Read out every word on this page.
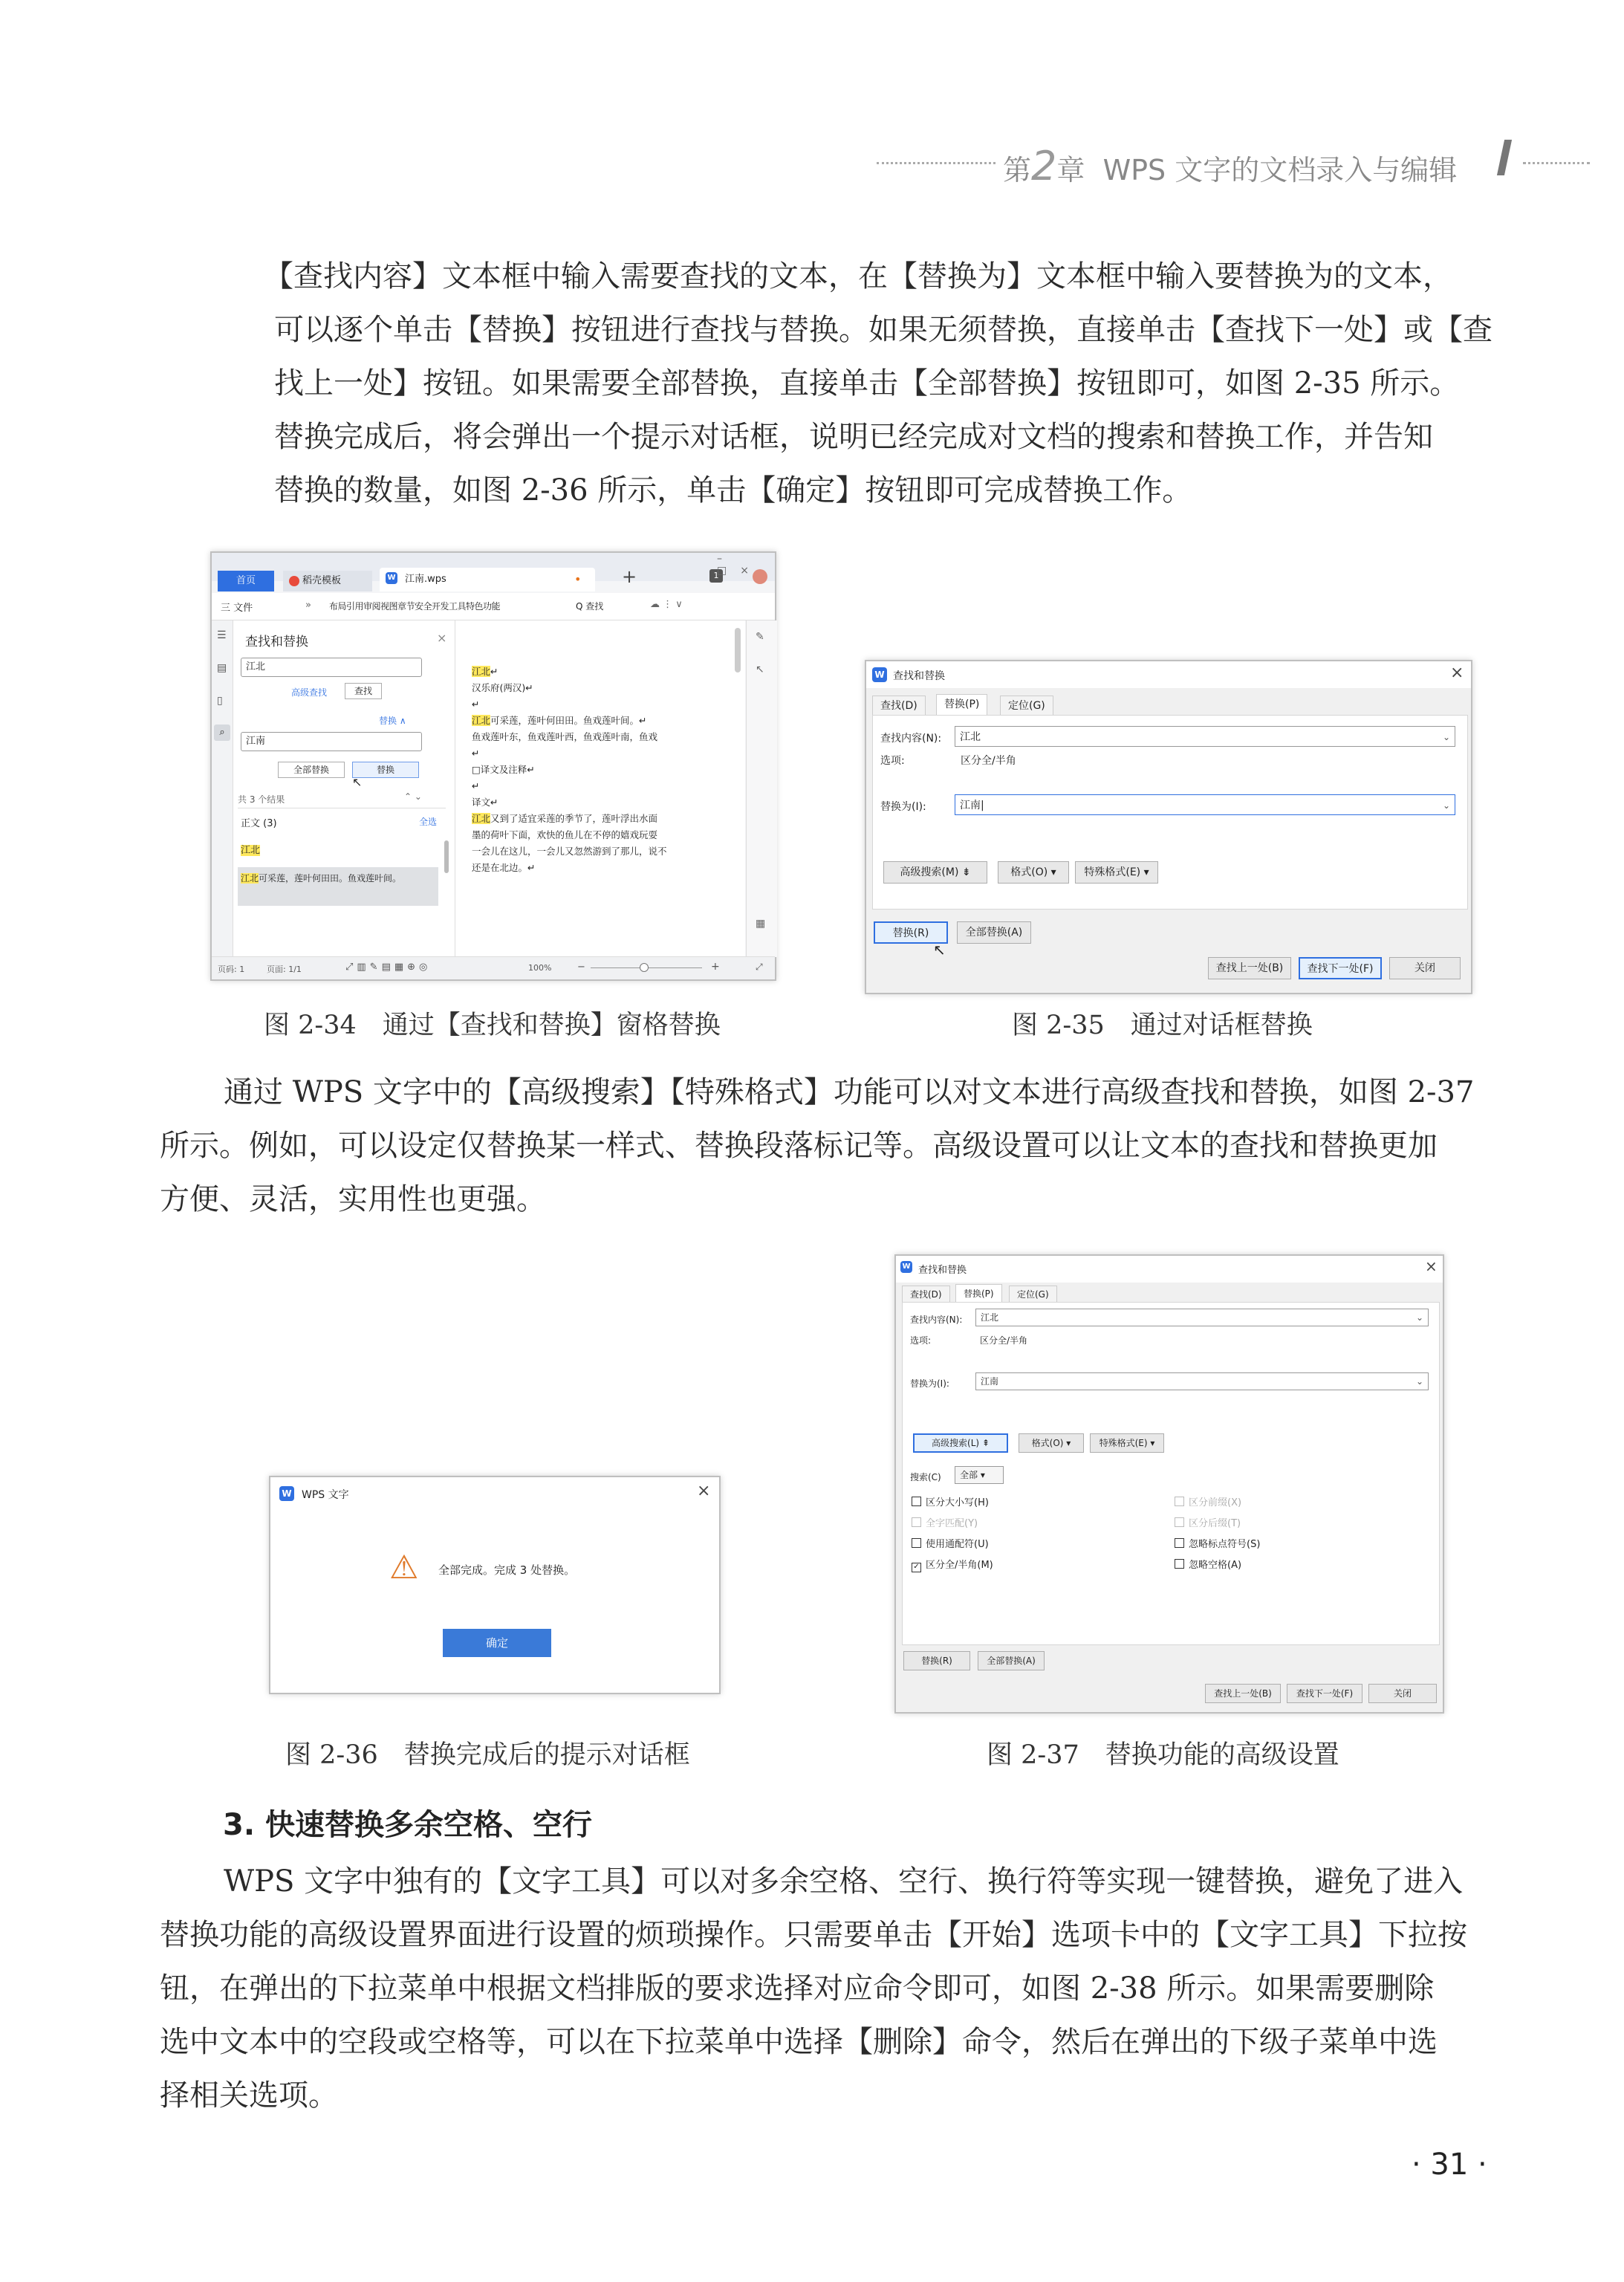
第2章 WPS 文字的文档录入与编辑

【查找内容】文本框中输入需要查找的文本，在【替换为】文本框中输入要替换为的文本，

可以逐个单击【替换】按钮进行查找与替换。如果无须替换，直接单击【查找下一处】或【查

找上一处】按钮。如果需要全部替换，直接单击【全部替换】按钮即可，如图 2-35 所示。

替换完成后，将会弹出一个提示对话框，说明已经完成对文档的搜索和替换工作，并告知

替换的数量，如图 2-36 所示，单击【确定】按钮即可完成替换工作。

首页	稻壳模板	W 江南.wps	• +	1
–□×
三 文件	» 布局引用审阅视图章节安全开发工具特色功能	Q 查找	☁ ⋮ ∨
☰
▤
▯
⌕
查找和替换	×
江北
高级查找	查找
替换 ∧
江南
全部替换	替换
↖
共 3 个结果	⌃ ⌄
正文 (3)	全选
江北
江北可采莲，莲叶何田田。鱼戏莲叶间。
江北↵
汉乐府(两汉)↵
↵
江北可采莲，莲叶何田田。鱼戏莲叶间。↵
鱼戏莲叶东，鱼戏莲叶西，鱼戏莲叶南，鱼戏
↵
□译文及注释↵
↵
译文↵
江北又到了适宜采莲的季节了，莲叶浮出水面
墨的荷叶下面，欢快的鱼儿在不停的嬉戏玩耍
一会儿在这儿，一会儿又忽然游到了那儿，说不
还是在北边。↵
✎
↖
▦
页码: 1	页面: 1/1	⤢▥✎▤▦⊕◎	100%	−	+	⤢
W 查找和替换	×
查找(D)	替换(P)	定位(G)
查找内容(N):	江北	⌄
选项:	区分全/半角
替换为(I):	江南|	⌄
高级搜索(M) ⇟	格式(O) ▾	特殊格式(E) ▾
替换(R)
↖
全部替换(A)
查找上一处(B)	查找下一处(F)	关闭
图 2-34　通过【查找和替换】窗格替换	图 2-35　通过对话框替换

通过 WPS 文字中的【高级搜索】【特殊格式】功能可以对文本进行高级查找和替换，如图 2-37

所示。例如，可以设定仅替换某一样式、替换段落标记等。高级设置可以让文本的查找和替换更加

方便、灵活，实用性也更强。

W WPS 文字	×
⚠ 全部完成。完成 3 处替换。
确定
W 查找和替换	×
查找(D)	替换(P)	定位(G)
查找内容(N):	江北	⌄
选项:	区分全/半角
替换为(I):	江南	⌄
高级搜索(L) ⇞	格式(O) ▾	特殊格式(E) ▾
搜索(C)	全部 ▾
区分大小写(H)
全字匹配(Y)
使用通配符(U)
✓ 区分全/半角(M)
区分前缀(X)
区分后缀(T)
忽略标点符号(S)
忽略空格(A)
替换(R)	全部替换(A)
查找上一处(B)	查找下一处(F)	关闭
图 2-36　替换完成后的提示对话框	图 2-37　替换功能的高级设置
3. 快速替换多余空格、空行

WPS 文字中独有的【文字工具】可以对多余空格、空行、换行符等实现一键替换，避免了进入

替换功能的高级设置界面进行设置的烦琐操作。只需要单击【开始】选项卡中的【文字工具】下拉按

钮，在弹出的下拉菜单中根据文档排版的要求选择对应命令即可，如图 2-38 所示。如果需要删除

选中文本中的空段或空格等，可以在下拉菜单中选择【删除】命令，然后在弹出的下级子菜单中选

择相关选项。

· 31 ·
